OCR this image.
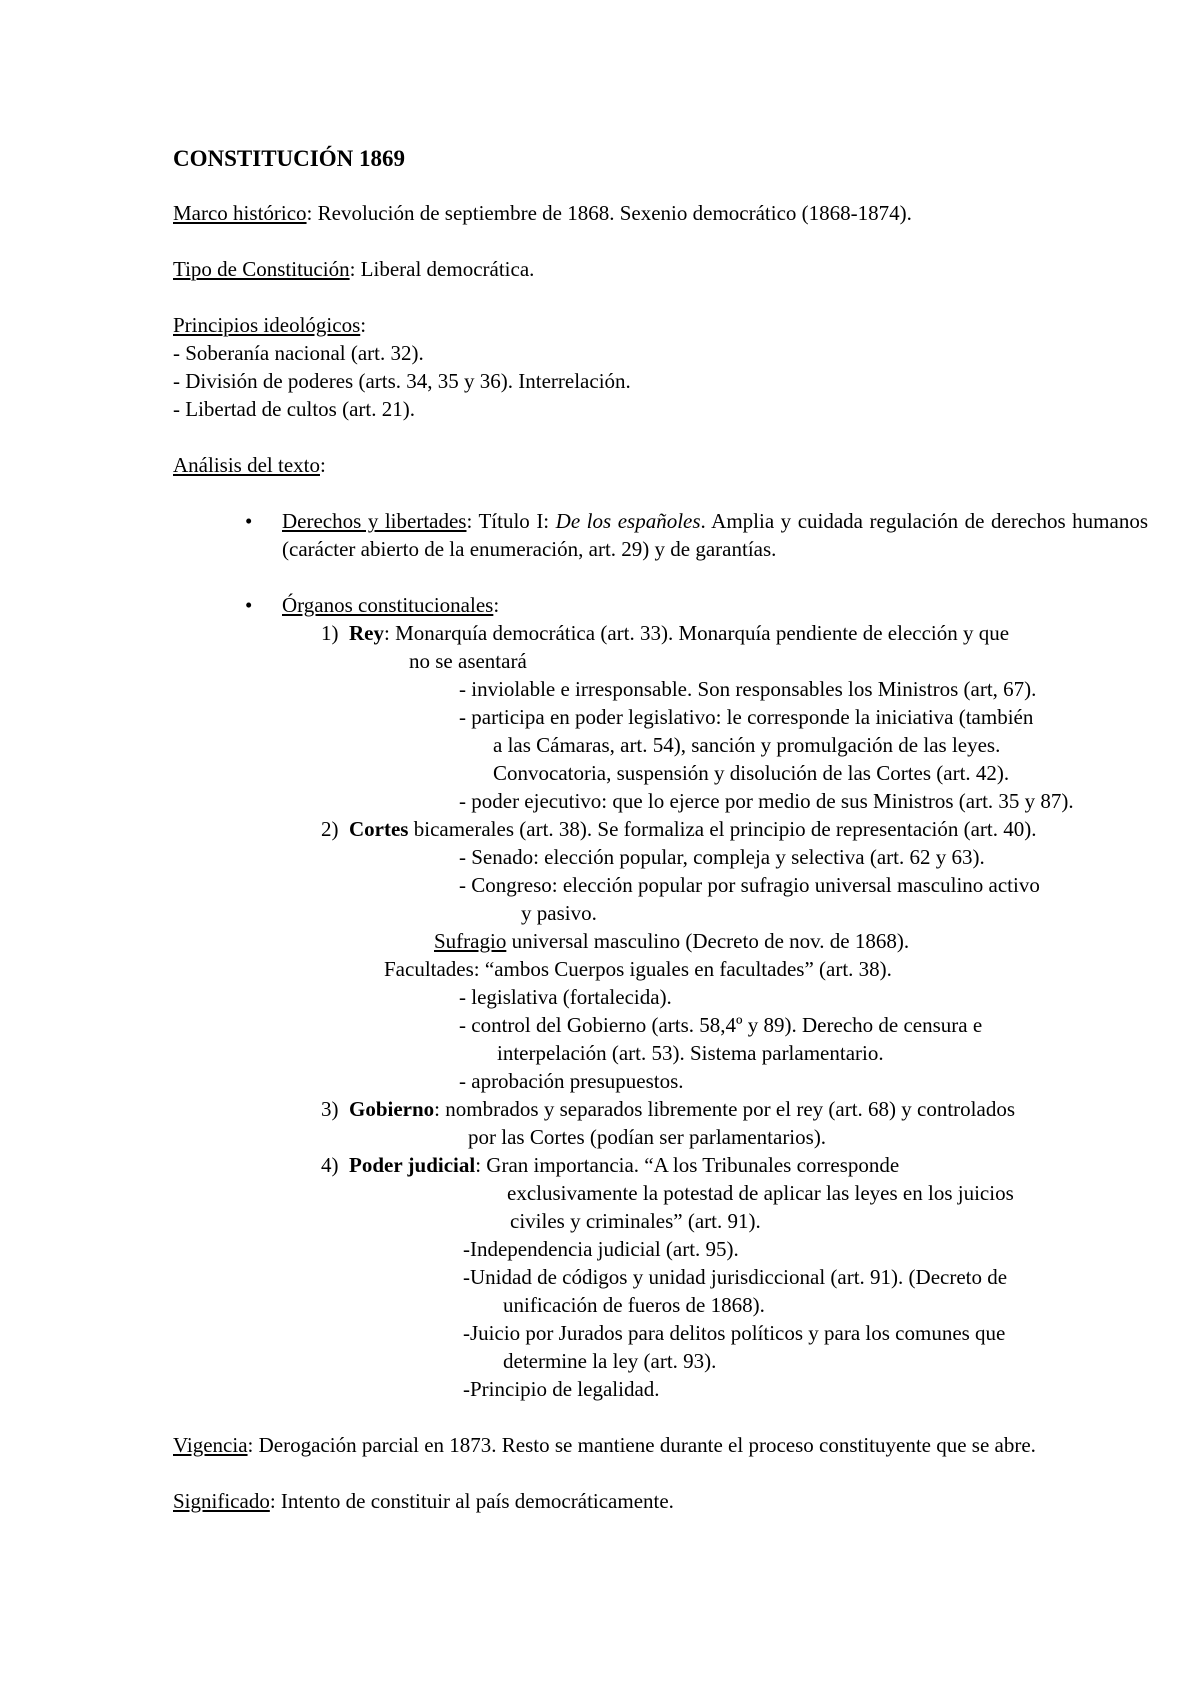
CONSTITUCIÓN 1869

Marco histórico: Revolución de septiembre de 1868. Sexenio democrático (1868-1874).

Tipo de Constitución: Liberal democrática.

Principios ideológicos:

- Soberanía nacional (art. 32).

- División de poderes (arts. 34, 35 y 36). Interrelación.

- Libertad de cultos (art. 21).

Análisis del texto:

• Derechos y libertades: Título I: De los españoles. Amplia y cuidada regulación de derechos humanos (carácter abierto de la enumeración, art. 29) y de garantías.
• Órganos constitucionales:

1) Rey: Monarquía democrática (art. 33). Monarquía pendiente de elección y que

no se asentará

- inviolable e irresponsable. Son responsables los Ministros (art, 67).

- participa en poder legislativo: le corresponde la iniciativa (también

a las Cámaras, art. 54), sanción y promulgación de las leyes.

Convocatoria, suspensión y disolución de las Cortes (art. 42).

- poder ejecutivo: que lo ejerce por medio de sus Ministros (art. 35 y 87).

2) Cortes bicamerales (art. 38). Se formaliza el principio de representación (art. 40).

- Senado: elección popular, compleja y selectiva (art. 62 y 63).

- Congreso: elección popular por sufragio universal masculino activo

y pasivo.

Sufragio universal masculino (Decreto de nov. de 1868).

Facultades: “ambos Cuerpos iguales en facultades” (art. 38).

- legislativa (fortalecida).

- control del Gobierno (arts. 58,4º y 89). Derecho de censura e

interpelación (art. 53). Sistema parlamentario.

- aprobación presupuestos.

3) Gobierno: nombrados y separados libremente por el rey (art. 68) y controlados

por las Cortes (podían ser parlamentarios).

4) Poder judicial: Gran importancia. “A los Tribunales corresponde

exclusivamente la potestad de aplicar las leyes en los juicios

civiles y criminales” (art. 91).

-Independencia judicial (art. 95).

-Unidad de códigos y unidad jurisdiccional (art. 91). (Decreto de

unificación de fueros de 1868).

-Juicio por Jurados para delitos políticos y para los comunes que

determine la ley (art. 93).

-Principio de legalidad.

Vigencia: Derogación parcial en 1873. Resto se mantiene durante el proceso constituyente que se abre.

Significado: Intento de constituir al país democráticamente.
